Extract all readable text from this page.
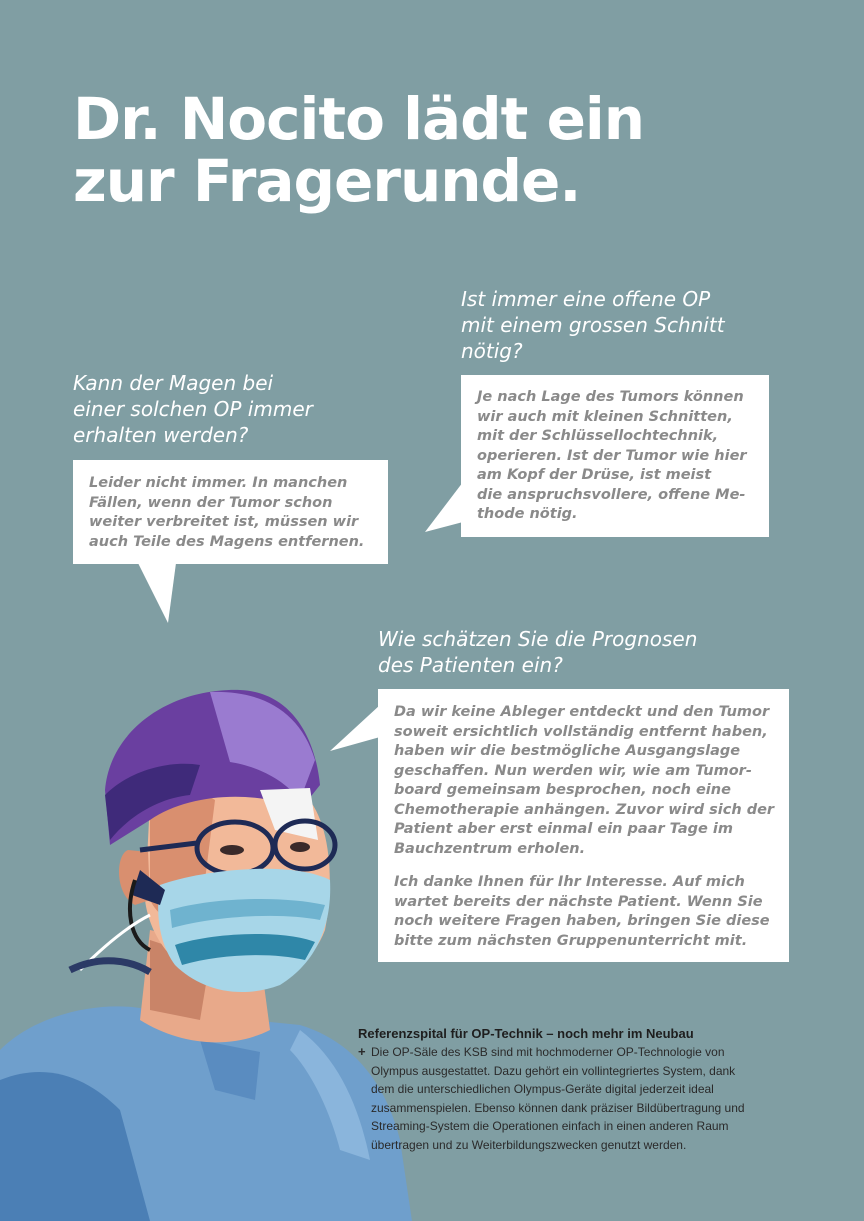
Dr. Nocito lädt ein
zur Fragerunde.
Kann der Magen bei
einer solchen OP immer
erhalten werden?
Leider nicht immer. In manchen
Fällen, wenn der Tumor schon
weiter verbreitet ist, müssen wir
auch Teile des Magens entfernen.
Ist immer eine offene OP
mit einem grossen Schnitt
nötig?
Je nach Lage des Tumors können
wir auch mit kleinen Schnitten,
mit der Schlüssellochtechnik,
operieren. Ist der Tumor wie hier
am Kopf der Drüse, ist meist
die anspruchsvollere, offene Me-
thode nötig.
Wie schätzen Sie die Prognosen
des Patienten ein?
Da wir keine Ableger entdeckt und den Tumor
soweit ersichtlich vollständig entfernt haben,
haben wir die bestmögliche Ausgangslage
geschaffen. Nun werden wir, wie am Tumor-
board gemeinsam besprochen, noch eine
Chemotherapie anhängen. Zuvor wird sich der
Patient aber erst einmal ein paar Tage im
Bauchzentrum erholen.
Ich danke Ihnen für Ihr Interesse. Auf mich
wartet bereits der nächste Patient. Wenn Sie
noch weitere Fragen haben, bringen Sie diese
bitte zum nächsten Gruppenunterricht mit.
Referenzspital für OP-Technik – noch mehr im Neubau
+ Die OP-Säle des KSB sind mit hochmoderner OP-Technologie von
Olympus ausgestattet. Dazu gehört ein vollintegriertes System, dank
dem die unterschiedlichen Olympus-Geräte digital jederzeit ideal
zusammenspielen. Ebenso können dank präziser Bildübertragung und
Streaming-System die Operationen einfach in einen anderen Raum
übertragen und zu Weiterbildungszwecken genutzt werden.
